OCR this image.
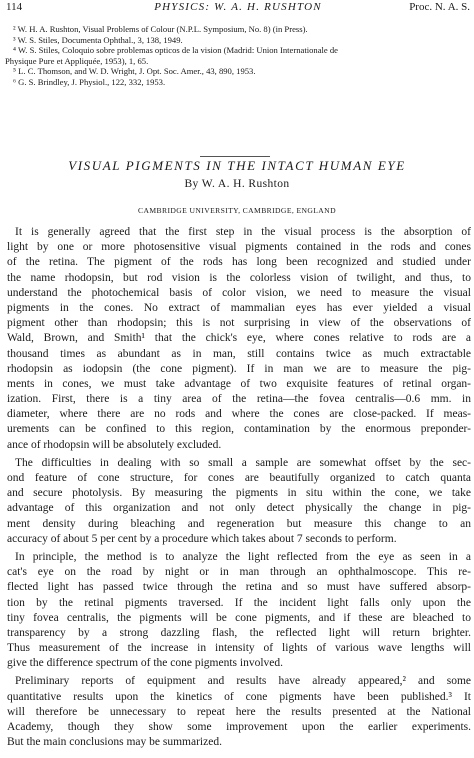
114	PHYSICS: W. A. H. RUSHTON	Proc. N. A. S.

² W. H. A. Rushton, Visual Problems of Colour (N.P.L. Symposium, No. 8) (in Press).

³ W. S. Stiles, Documenta Ophthal., 3, 138, 1949.

⁴ W. S. Stiles, Coloquio sobre problemas opticos de la vision (Madrid: Union Internationale de

Physique Pure et Appliquée, 1953), 1, 65.

⁵ L. C. Thomson, and W. D. Wright, J. Opt. Soc. Amer., 43, 890, 1953.

⁶ G. S. Brindley, J. Physiol., 122, 332, 1953.

VISUAL PIGMENTS IN THE INTACT HUMAN EYE
By W. A. H. Rushton
CAMBRIDGE UNIVERSITY, CAMBRIDGE, ENGLAND
It is generally agreed that the first step in the visual process is the absorption of
light by one or more photosensitive visual pigments contained in the rods and cones
of the retina. The pigment of the rods has long been recognized and studied under
the name rhodopsin, but rod vision is the colorless vision of twilight, and thus, to
understand the photochemical basis of color vision, we need to measure the visual
pigments in the cones. No extract of mammalian eyes has ever yielded a visual
pigment other than rhodopsin; this is not surprising in view of the observations of
Wald, Brown, and Smith¹ that the chick's eye, where cones relative to rods are a
thousand times as abundant as in man, still contains twice as much extractable
rhodopsin as iodopsin (the cone pigment). If in man we are to measure the pig-
ments in cones, we must take advantage of two exquisite features of retinal organ-
ization. First, there is a tiny area of the retina—the fovea centralis—0.6 mm. in
diameter, where there are no rods and where the cones are close-packed. If meas-
urements can be confined to this region, contamination by the enormous preponder-
ance of rhodopsin will be absolutely excluded.
The difficulties in dealing with so small a sample are somewhat offset by the sec-
ond feature of cone structure, for cones are beautifully organized to catch quanta
and secure photolysis. By measuring the pigments in situ within the cone, we take
advantage of this organization and not only detect physically the change in pig-
ment density during bleaching and regeneration but measure this change to an
accuracy of about 5 per cent by a procedure which takes about 7 seconds to perform.
In principle, the method is to analyze the light reflected from the eye as seen in a
cat's eye on the road by night or in man through an ophthalmoscope. This re-
flected light has passed twice through the retina and so must have suffered absorp-
tion by the retinal pigments traversed. If the incident light falls only upon the
tiny fovea centralis, the pigments will be cone pigments, and if these are bleached to
transparency by a strong dazzling flash, the reflected light will return brighter.
Thus measurement of the increase in intensity of lights of various wave lengths will
give the difference spectrum of the cone pigments involved.
Preliminary reports of equipment and results have already appeared,² and some
quantitative results upon the kinetics of cone pigments have been published.³ It
will therefore be unnecessary to repeat here the results presented at the National
Academy, though they show some improvement upon the earlier experiments.
But the main conclusions may be summarized.
